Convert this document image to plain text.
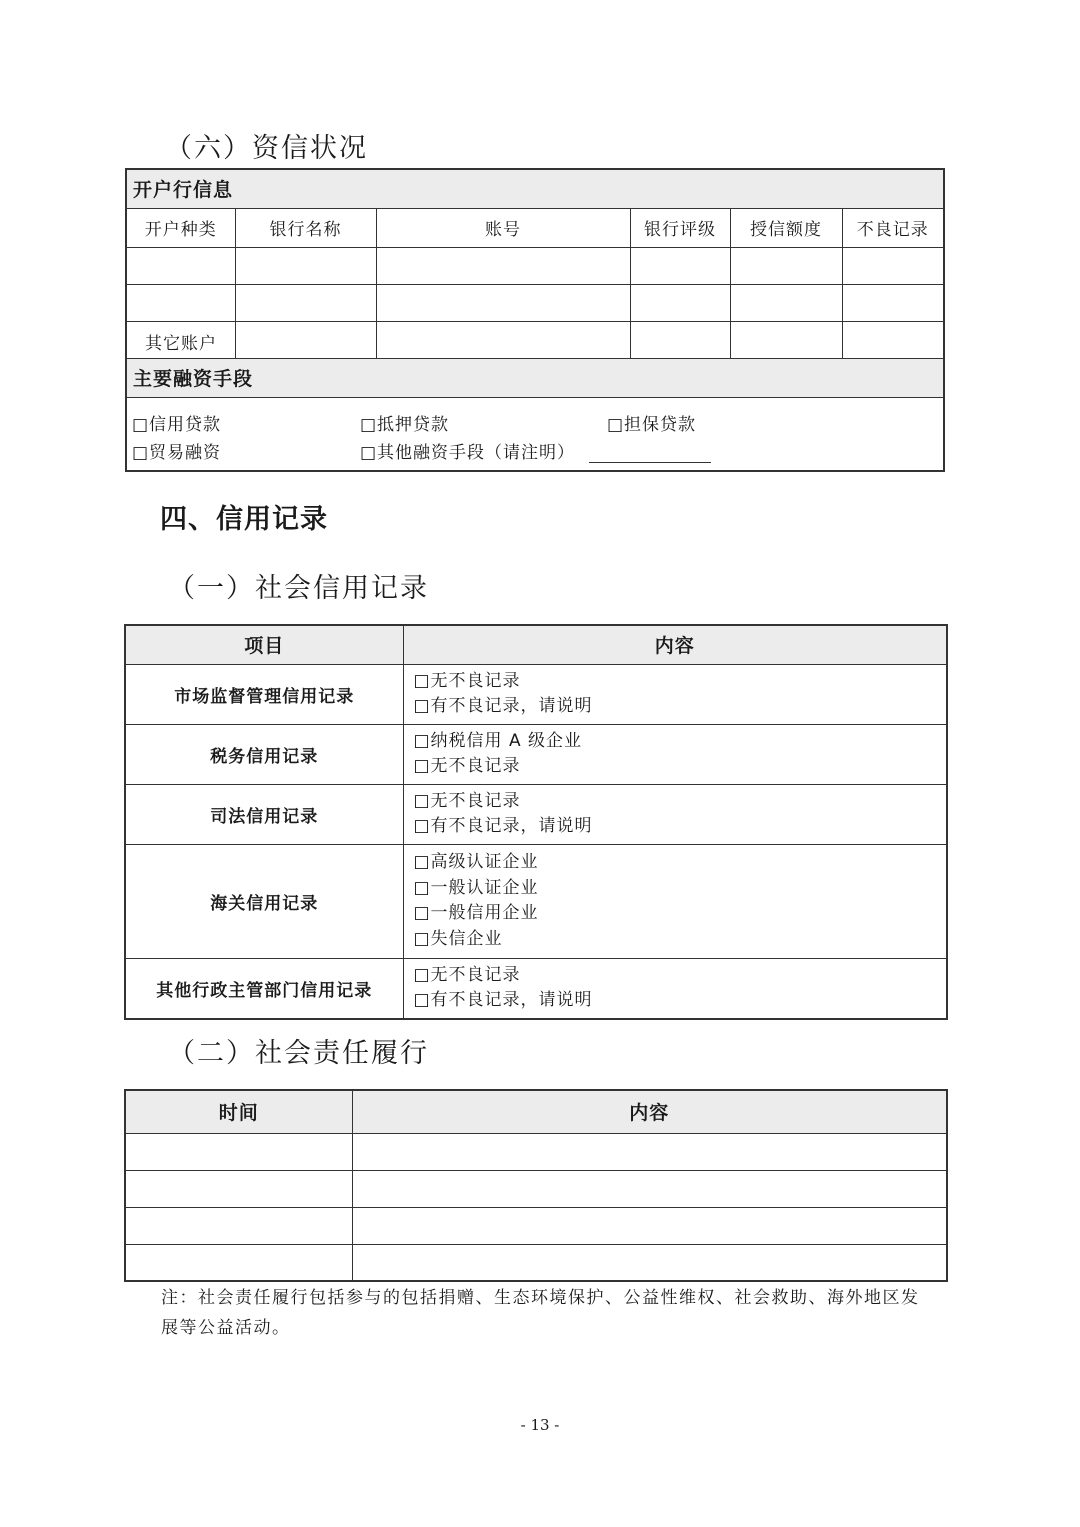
（六）资信状况
开户行信息					
开户种类	银行名称	账号	银行评级	授信额度	不良记录

其它账户					
主要融资手段					

□信用贷款 □抵押贷款 □担保贷款
□贸易融资 □其他融资手段（请注明）					
四、信用记录
（一）社会信用记录
项目	内容
市场监督管理信用记录	□无不良记录
□有不良记录，请说明

税务信用记录	□纳税信用 A 级企业
□无不良记录

司法信用记录	□无不良记录
□有不良记录，请说明

海关信用记录	□高级认证企业
□一般认证企业
□一般信用企业
□失信企业

其他行政主管部门信用记录	□无不良记录
□有不良记录，请说明
（二）社会责任履行
时间	内容

注：社会责任履行包括参与的包括捐赠、生态环境保护、公益性维权、社会救助、海外地区发展等公益活动。
- 13 -
